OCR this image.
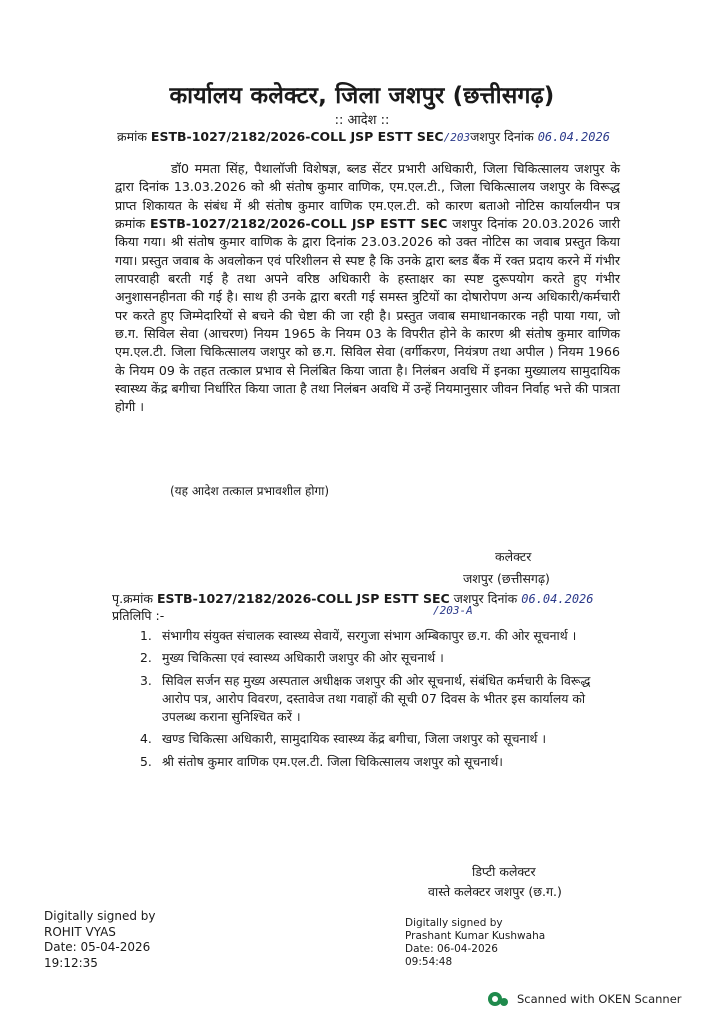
कार्यालय कलेक्टर, जिला जशपुर (छत्तीसगढ़)
:: आदेश ::
क्रमांक ESTB-1027/2182/2026-COLL JSP ESTT SEC/203जशपुर दिनांक 06.04.2026
डॉ0 ममता सिंह, पैथालॉजी विशेषज्ञ, ब्लड सेंटर प्रभारी अधिकारी, जिला चिकित्सालय जशपुर के द्वारा दिनांक 13.03.2026 को श्री संतोष कुमार वाणिक, एम.एल.टी., जिला चिकित्सालय जशपुर के विरूद्ध प्राप्त शिकायत के संबंध में श्री संतोष कुमार वाणिक एम.एल.टी. को कारण बताओ नोटिस कार्यालयीन पत्र क्रमांक ESTB-1027/2182/2026-COLL JSP ESTT SEC जशपुर दिनांक 20.03.2026 जारी किया गया। श्री संतोष कुमार वाणिक के द्वारा दिनांक 23.03.2026 को उक्त नोटिस का जवाब प्रस्तुत किया गया। प्रस्तुत जवाब के अवलोकन एवं परिशीलन से स्पष्ट है कि उनके द्वारा ब्लड बैंक में रक्त प्रदाय करने में गंभीर लापरवाही बरती गई है तथा अपने वरिष्ठ अधिकारी के हस्ताक्षर का स्पष्ट दुरूपयोग करते हुए गंभीर अनुशासनहीनता की गई है। साथ ही उनके द्वारा बरती गई समस्त त्रुटियों का दोषारोपण अन्य अधिकारी/कर्मचारी पर करते हुए जिम्मेदारियों से बचने की चेष्टा की जा रही है। प्रस्तुत जवाब समाधानकारक नही पाया गया, जो छ.ग. सिविल सेवा (आचरण) नियम 1965 के नियम 03 के विपरीत होने के कारण श्री संतोष कुमार वाणिक एम.एल.टी. जिला चिकित्सालय जशपुर को छ.ग. सिविल सेवा (वर्गीकरण, नियंत्रण तथा अपील ) नियम 1966 के नियम 09 के तहत तत्काल प्रभाव से निलंबित किया जाता है। निलंबन अवधि में इनका मुख्यालय सामुदायिक स्वास्थ्य केंद्र बगीचा निर्धारित किया जाता है तथा निलंबन अवधि में उन्हें नियमानुसार जीवन निर्वाह भत्ते की पात्रता होगी ।
(यह आदेश तत्काल प्रभावशील होगा)
कलेक्टर
जशपुर (छत्तीसगढ़)
पृ.क्रमांक ESTB-1027/2182/2026-COLL JSP ESTT SEC जशपुर दिनांक 06.04.2026
/203-A
प्रतिलिपि :-
1. संभागीय संयुक्त संचालक स्वास्थ्य सेवायें, सरगुजा संभाग अम्बिकापुर छ.ग. की ओर सूचनार्थ ।
2. मुख्य चिकित्सा एवं स्वास्थ्य अधिकारी जशपुर की ओर सूचनार्थ ।
3. सिविल सर्जन सह मुख्य अस्पताल अधीक्षक जशपुर की ओर सूचनार्थ, संबंधित कर्मचारी के विरूद्ध आरोप पत्र, आरोप विवरण, दस्तावेज तथा गवाहों की सूची 07 दिवस के भीतर इस कार्यालय को उपलब्ध कराना सुनिश्चित करें ।
4. खण्ड चिकित्सा अधिकारी, सामुदायिक स्वास्थ्य केंद्र बगीचा, जिला जशपुर को सूचनार्थ ।
5. श्री संतोष कुमार वाणिक एम.एल.टी. जिला चिकित्सालय जशपुर को सूचनार्थ।
डिप्टी कलेक्टर
वास्ते कलेक्टर जशपुर (छ.ग.)
Digitally signed by
ROHIT VYAS
Date: 05-04-2026
19:12:35
Digitally signed by
Prashant Kumar Kushwaha
Date: 06-04-2026
09:54:48
Scanned with OKEN Scanner
